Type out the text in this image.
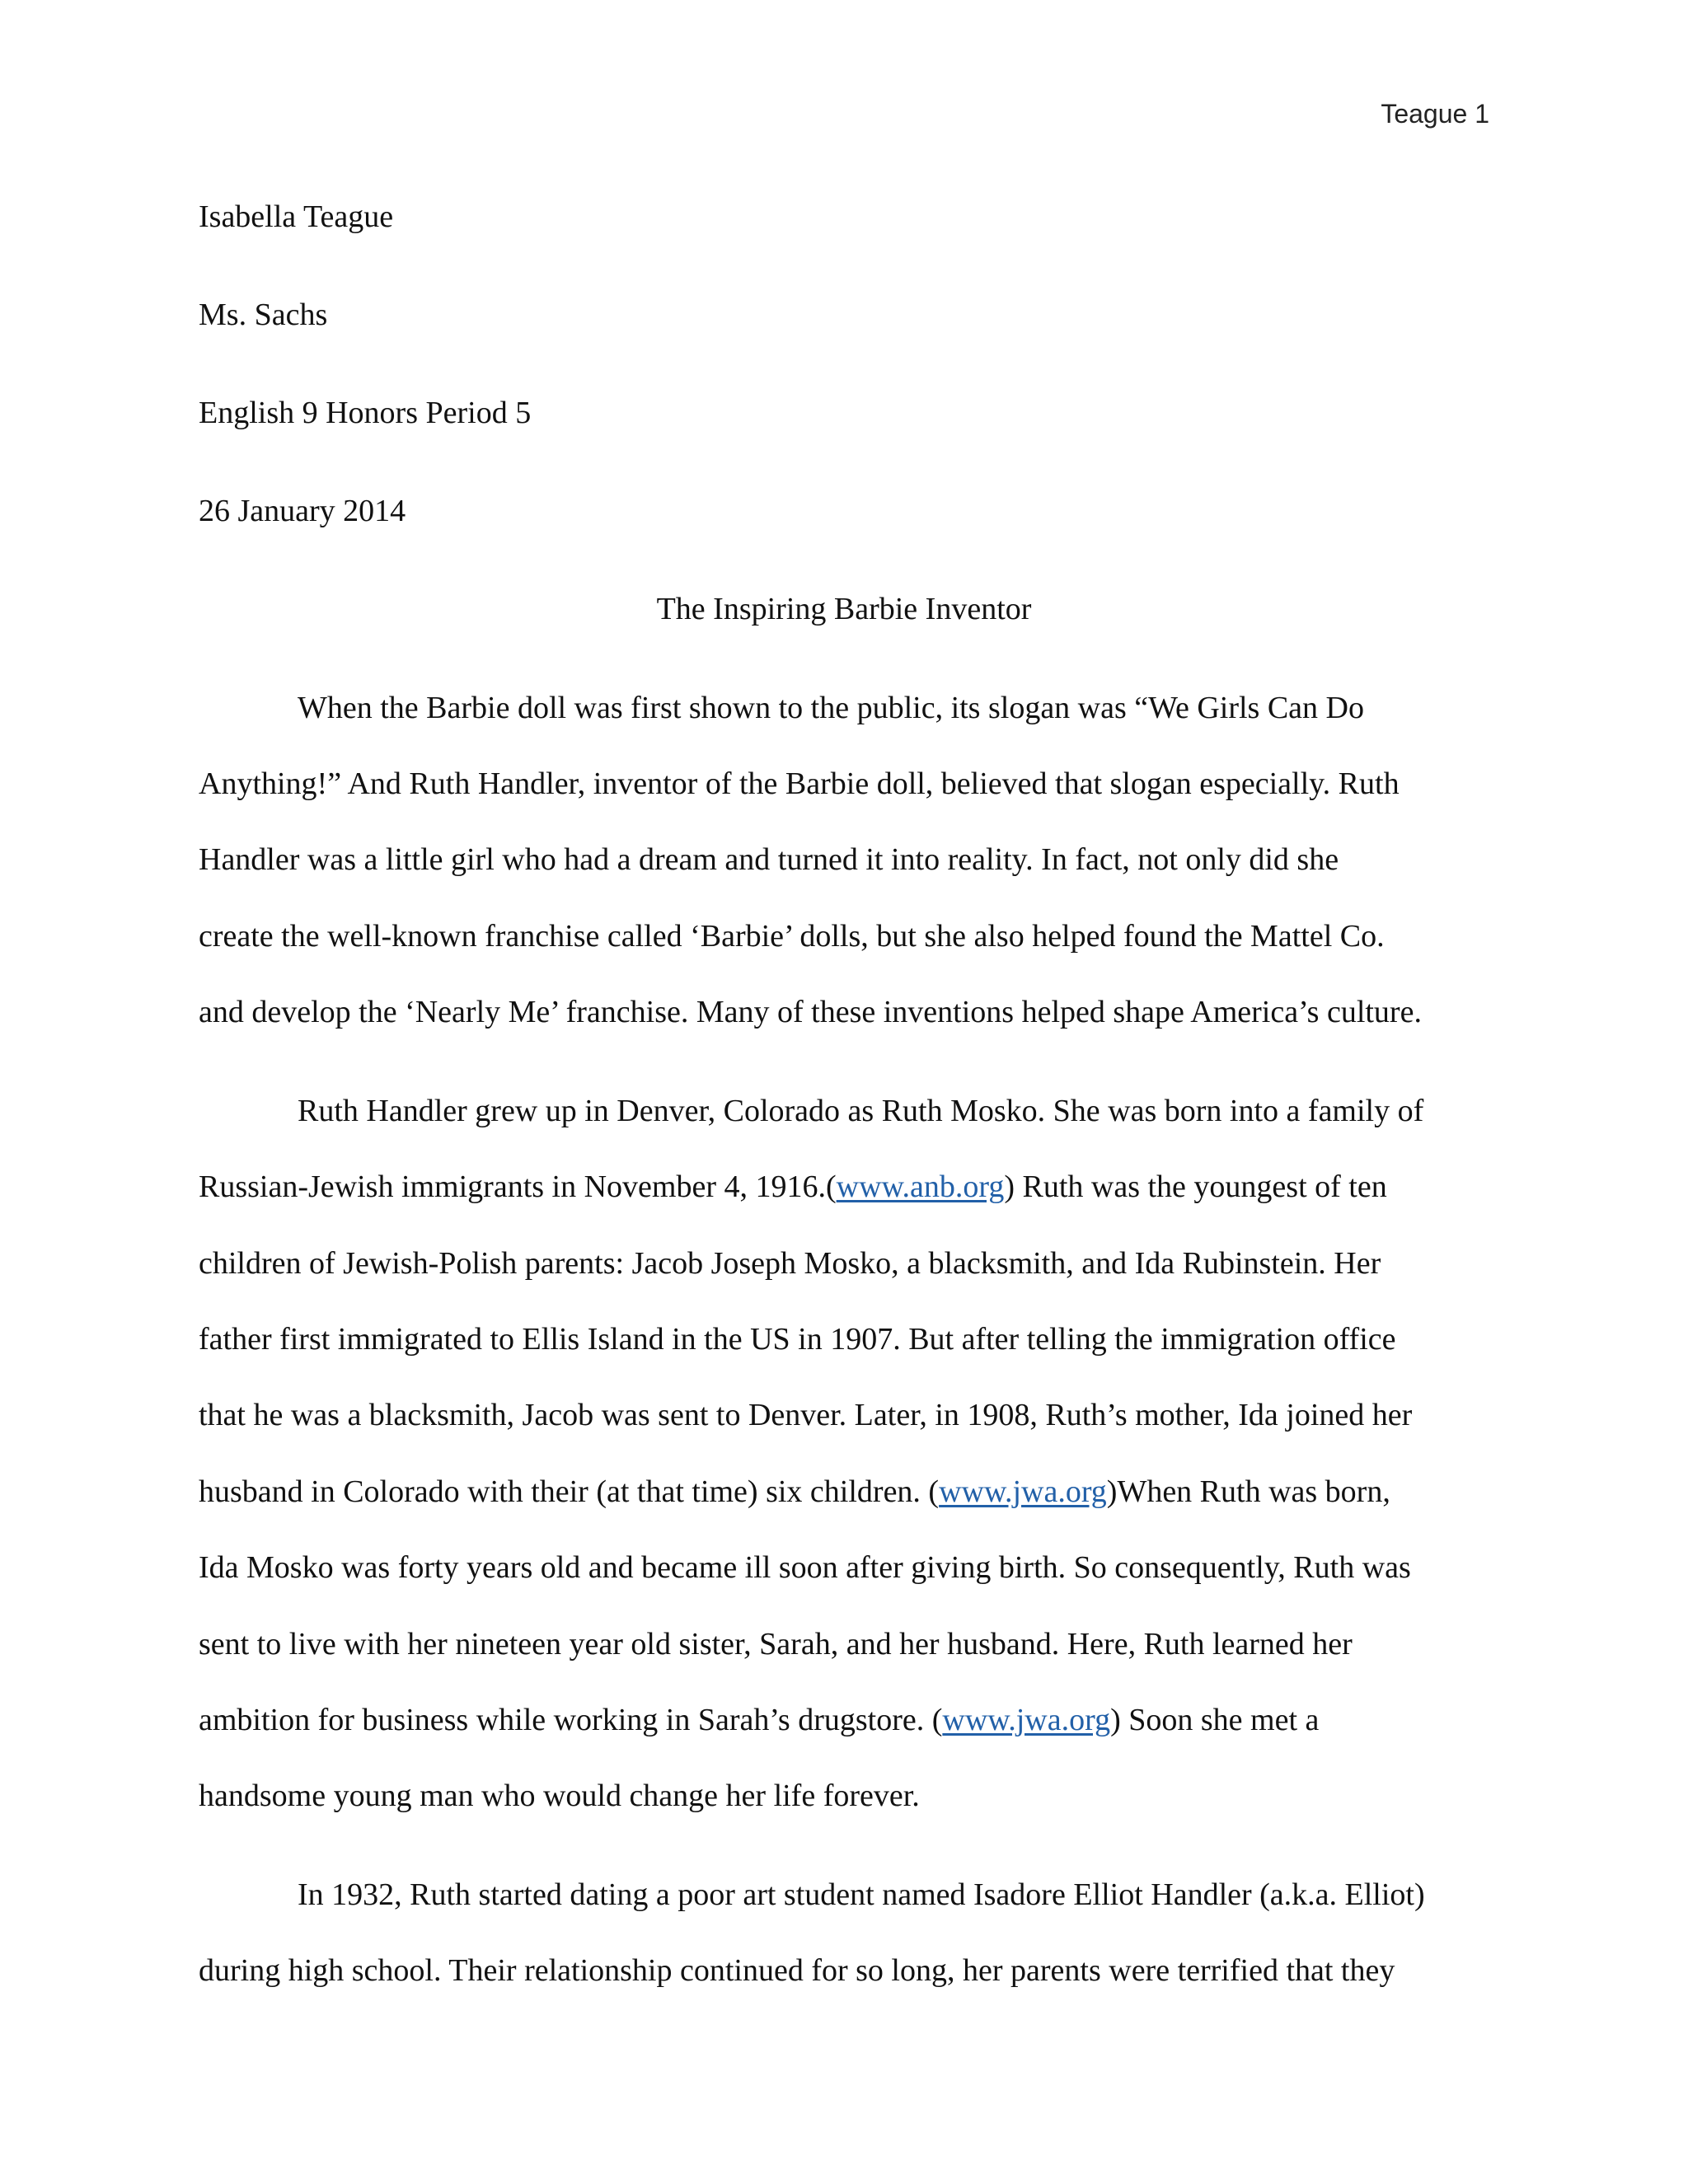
Teague 1
Isabella Teague
Ms. Sachs
English 9 Honors Period 5
26 January 2014
The Inspiring Barbie Inventor
When the Barbie doll was first shown to the public, its slogan was “We Girls Can Do
Anything!” And Ruth Handler, inventor of the Barbie doll, believed that slogan especially. Ruth
Handler was a little girl who had a dream and turned it into reality. In fact, not only did she
create the well-known franchise called ‘Barbie’ dolls, but she also helped found the Mattel Co.
and develop the ‘Nearly Me’ franchise. Many of these inventions helped shape America’s culture.
Ruth Handler grew up in Denver, Colorado as Ruth Mosko. She was born into a family of
Russian-Jewish immigrants in November 4, 1916.(www.anb.org) Ruth was the youngest of ten
children of Jewish-Polish parents: Jacob Joseph Mosko, a blacksmith, and Ida Rubinstein. Her
father first immigrated to Ellis Island in the US in 1907. But after telling the immigration office
that he was a blacksmith, Jacob was sent to Denver. Later, in 1908, Ruth’s mother, Ida joined her
husband in Colorado with their (at that time) six children. (www.jwa.org)When Ruth was born,
Ida Mosko was forty years old and became ill soon after giving birth. So consequently, Ruth was
sent to live with her nineteen year old sister, Sarah, and her husband. Here, Ruth learned her
ambition for business while working in Sarah’s drugstore. (www.jwa.org) Soon she met a
handsome young man who would change her life forever.
In 1932, Ruth started dating a poor art student named Isadore Elliot Handler (a.k.a. Elliot)
during high school. Their relationship continued for so long, her parents were terrified that they
